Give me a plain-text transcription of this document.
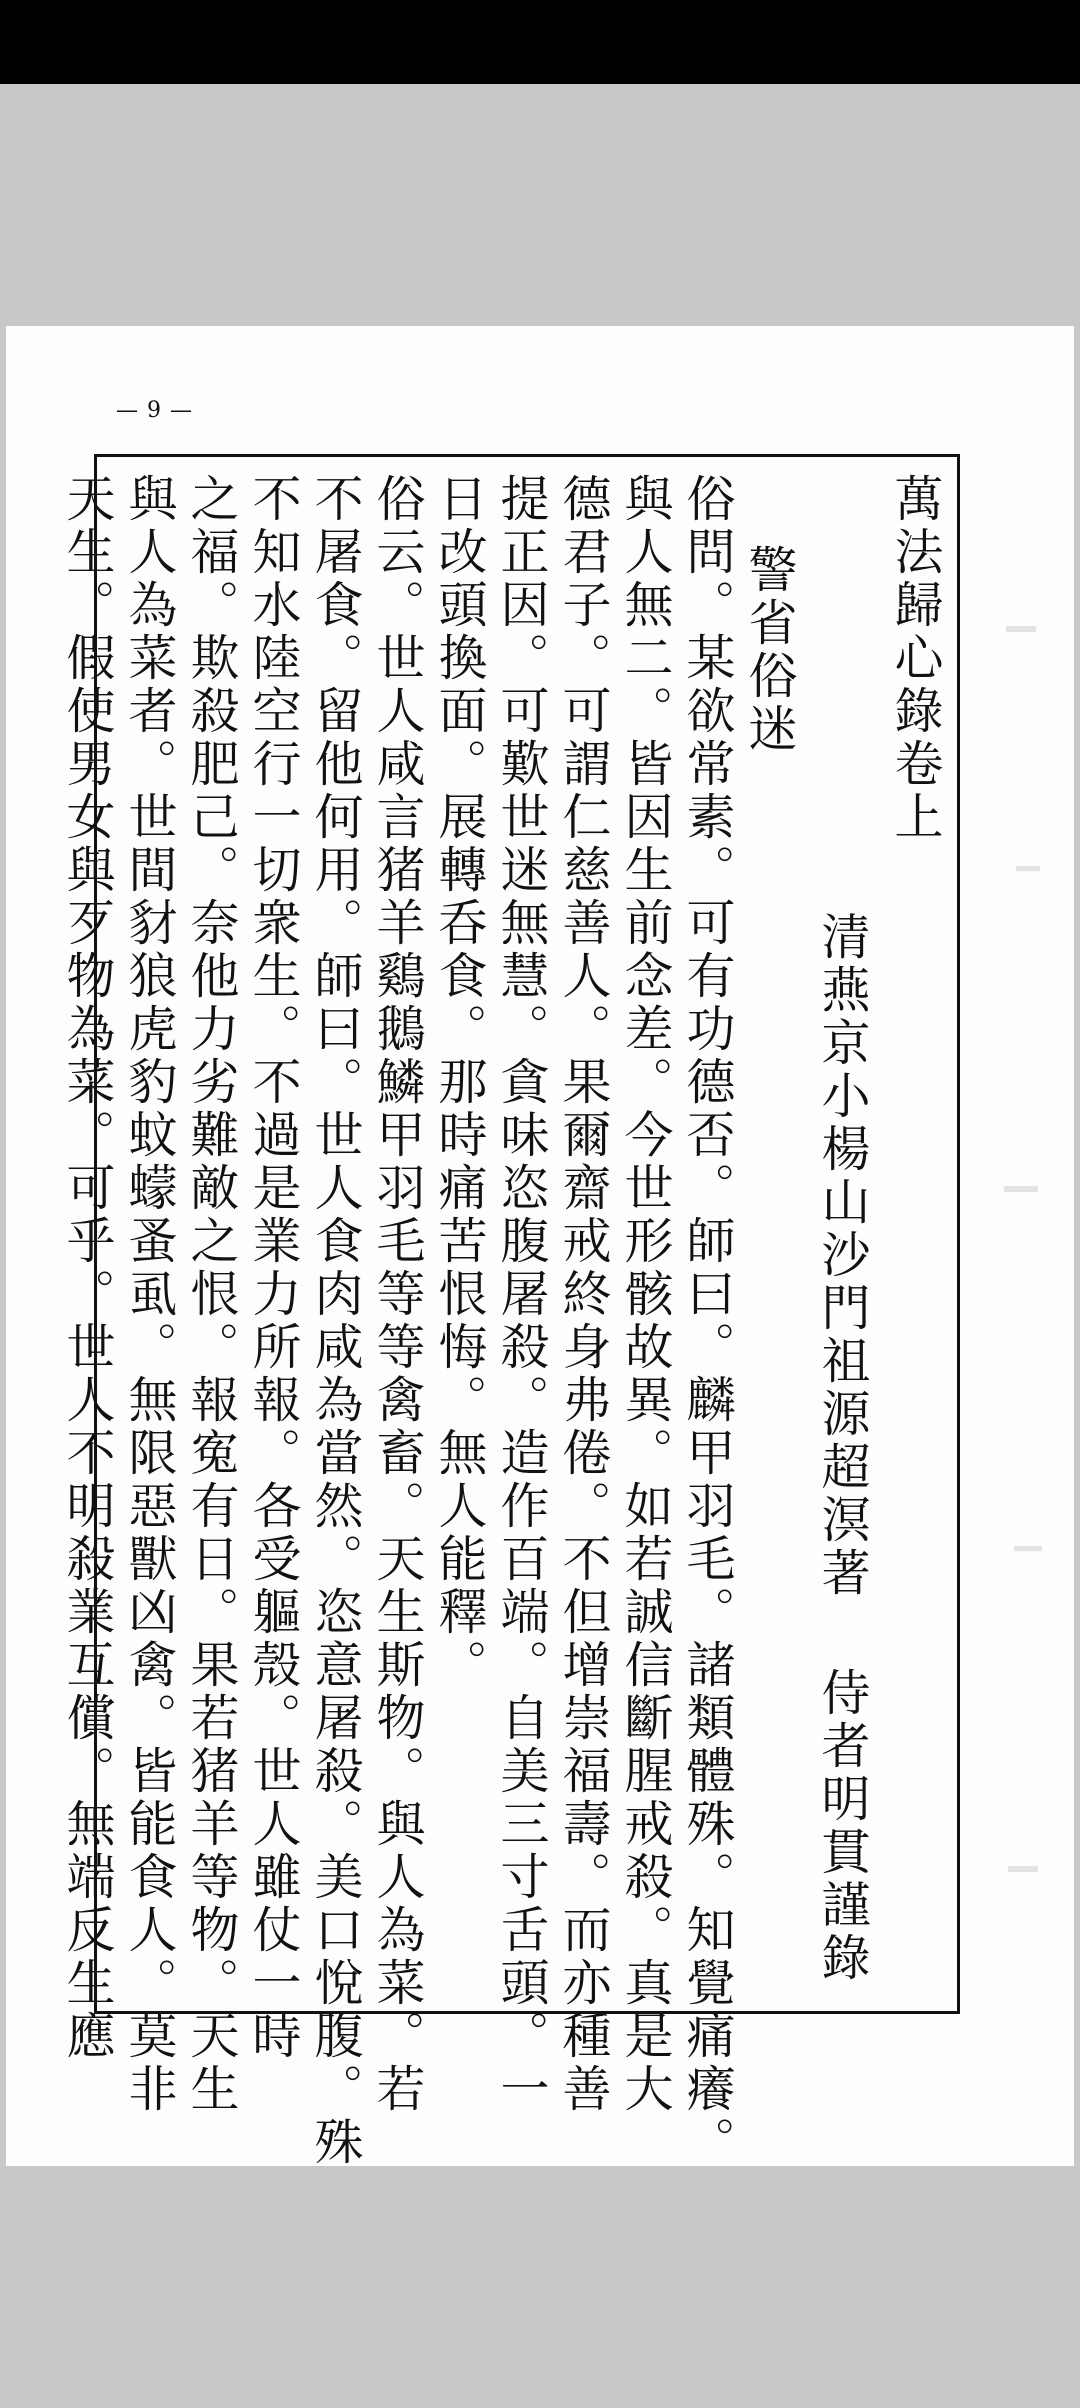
— 9 —
萬法歸心錄卷上
清燕京小楊山沙門祖源超溟著
侍者明貫謹錄
警省俗迷
俗問。某欲常素。可有功德否。師曰。麟甲羽毛。諸類體殊。知覺痛癢。
與人無二。皆因生前念差。今世形骸故異。如若誠信斷腥戒殺。真是大
德君子。可謂仁慈善人。果爾齋戒終身弗倦。不但增崇福壽。而亦種善
提正因。可歎世迷無慧。貪味恣腹屠殺。造作百端。自美三寸舌頭。一
日改頭換面。展轉呑食。那時痛苦恨悔。無人能釋。
俗云。世人咸言猪羊鷄鵝鱗甲羽毛等等禽畜。天生斯物。與人為菜。若
不屠食。留他何用。師曰。世人食肉咸為當然。恣意屠殺。美口悅腹。殊
不知水陸空行一切衆生。不過是業力所報。各受軀殼。世人雖仗一時
之福。欺殺肥己。奈他力劣難敵之恨。報寃有日。果若猪羊等物。天生
與人為菜者。世間豺狼虎豹蚊蠓蚤虱。無限惡獸凶禽。皆能食人。莫非
天生。假使男女與歹物為菜。可乎。世人不明殺業互償。無端反生應
